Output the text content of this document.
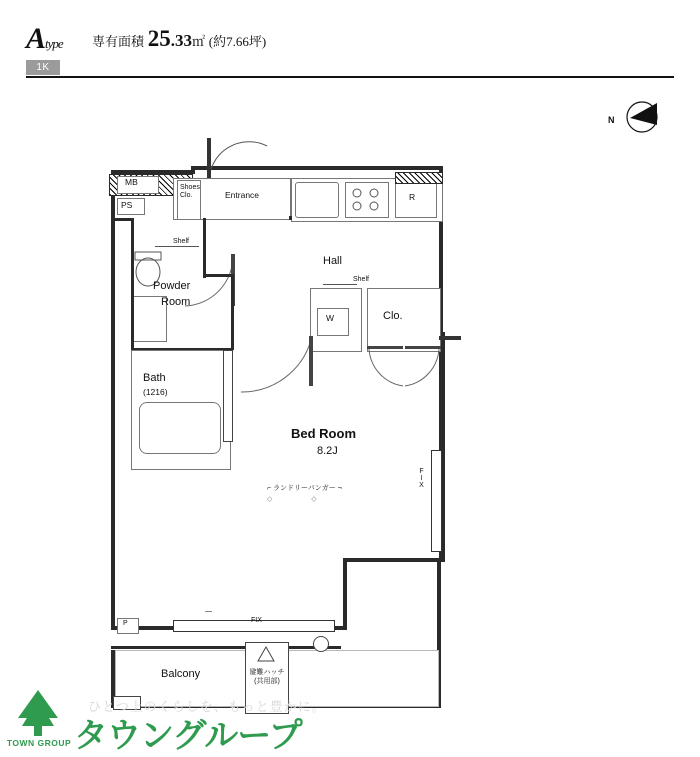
Atype
1K
専有面積 25.33㎡ (約7.66坪)
N
FIX
P
—
FIX
MB
PS
Entrance
Shoes
Clo.	R
Shelf
Powder
Room
Bath
(1216)
Hall
Shelf
W	Clo.
Bed Room
8.2J
⌐ ランドリーパンガー ¬
◇                    ◇
Balcony	避難ハッチ
(共用部)
ひとつ上のくらしを、もっと豊かに。
タウングループ
TOWN GROUP
